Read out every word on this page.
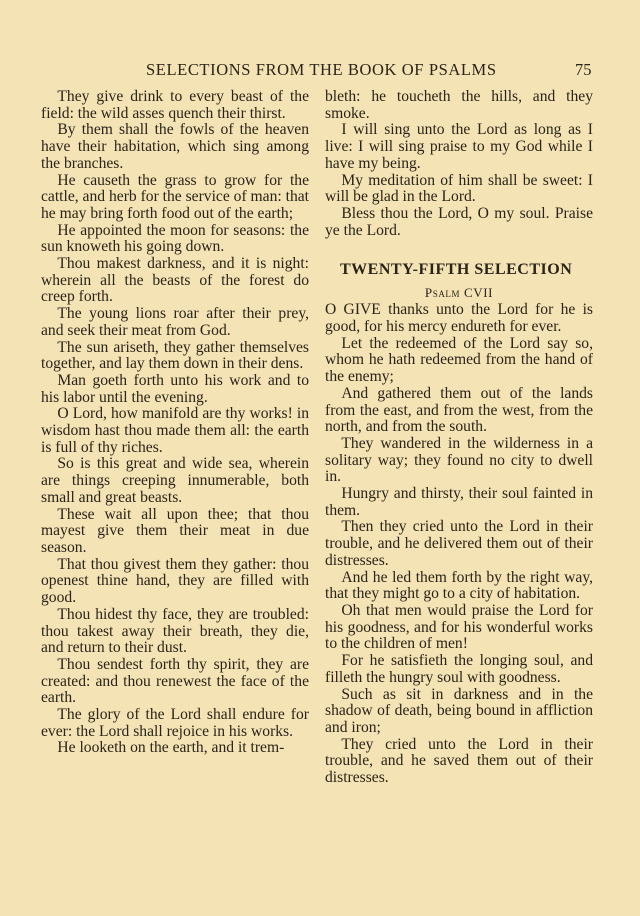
SELECTIONS FROM THE BOOK OF PSALMS	75

They give drink to every beast of the field: the wild asses quench their thirst.

By them shall the fowls of the heaven have their habitation, which sing among the branches.

He causeth the grass to grow for the cattle, and herb for the service of man: that he may bring forth food out of the earth;

He appointed the moon for seasons: the sun knoweth his going down.

Thou makest darkness, and it is night: wherein all the beasts of the forest do creep forth.

The young lions roar after their prey, and seek their meat from God.

The sun ariseth, they gather themselves together, and lay them down in their dens.

Man goeth forth unto his work and to his labor until the evening.

O Lord, how manifold are thy works! in wisdom hast thou made them all: the earth is full of thy riches.

So is this great and wide sea, wherein are things creeping innumerable, both small and great beasts.

These wait all upon thee; that thou mayest give them their meat in due season.

That thou givest them they gather: thou openest thine hand, they are filled with good.

Thou hidest thy face, they are troubled: thou takest away their breath, they die, and return to their dust.

Thou sendest forth thy spirit, they are created: and thou renewest the face of the earth.

The glory of the Lord shall endure for ever: the Lord shall rejoice in his works.

He looketh on the earth, and it trem-

bleth: he toucheth the hills, and they smoke.

I will sing unto the Lord as long as I live: I will sing praise to my God while I have my being.

My meditation of him shall be sweet: I will be glad in the Lord.

Bless thou the Lord, O my soul. Praise ye the Lord.

TWENTY-FIFTH SELECTION
Psalm CVII

O GIVE thanks unto the Lord for he is good, for his mercy endureth for ever.

Let the redeemed of the Lord say so, whom he hath redeemed from the hand of the enemy;

And gathered them out of the lands from the east, and from the west, from the north, and from the south.

They wandered in the wilderness in a solitary way; they found no city to dwell in.

Hungry and thirsty, their soul fainted in them.

Then they cried unto the Lord in their trouble, and he delivered them out of their distresses.

And he led them forth by the right way, that they might go to a city of habitation.

Oh that men would praise the Lord for his goodness, and for his wonderful works to the children of men!

For he satisfieth the longing soul, and filleth the hungry soul with goodness.

Such as sit in darkness and in the shadow of death, being bound in affliction and iron;

They cried unto the Lord in their trouble, and he saved them out of their distresses.
